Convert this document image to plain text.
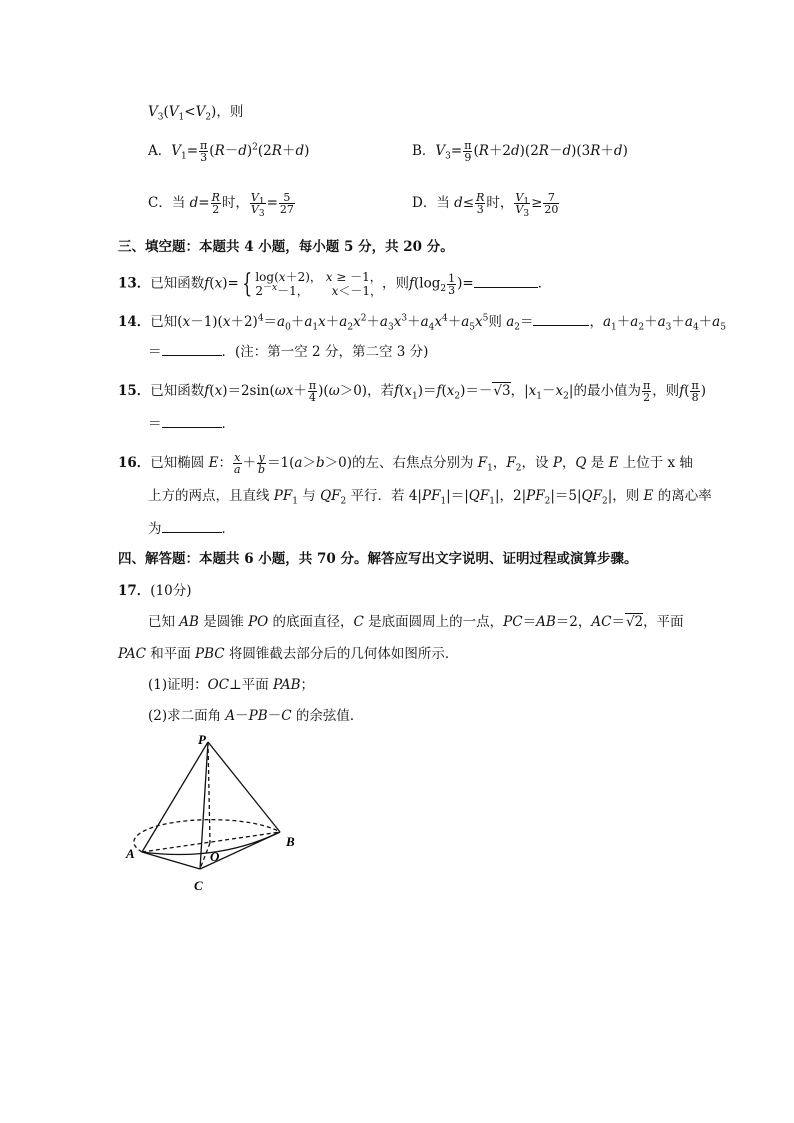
$V_3(V_1<V_2)$，则
A．$V_1= \frac{\pi}{3} (R-d)^2(2R+d)$	B．$V_3= \frac{\pi}{9} (R+2d)(2R-d)(3R+d)$
C．当 $d= \frac{R}{2}$ 时， $\frac{V_1}{V_3} = \frac{5}{27}$	D．当 $d\le \frac{R}{3}$ 时， $\frac{V_1}{V_3} \ge \frac{7}{20}$
三、填空题：本题共 4 小题，每小题 5 分，共 20 分。
13．已知函数f(x)= { log(x＋2)， x ≥ －1，
$2^{-x}-1$，      x＜－1，，则$f(\log_2 \frac{1}{3}$ )=	．
14．已知$(x-1)(x+2)^4=a_0+a_1x+a_2x^2+a_3x^3+a_4x^4+a_5x^5$则 $a_2=$	，$a_1+a_2+a_3+a_4+a_5$
＝	．(注：第一空 2 分，第二空 3 分)
15．已知函数$f(x)=2\sin(\omega x+ \frac{\pi}{4} )(\omega>0)$，若$f(x_1)=f(x_2)=-√3$，$|x_1-x_2|$的最小值为 $\frac{\pi}{2}$ ，则$f( \frac{\pi}{8}$ )
＝	．
16．已知椭圆 E： $\frac{x}{a} + \frac{y}{b} =1(a>b>0)$的左、右焦点分别为 $F_1$，$F_2$，设 P，Q 是 E 上位于 x 轴
上方的两点，且直线 $PF_1$ 与 $QF_2$ 平行．若 $4|PF_1|=|QF_1|$，$2|PF_2|=5|QF_2|$，则 E 的离心率
为	．
四、解答题：本题共 6 小题，共 70 分。解答应写出文字说明、证明过程或演算步骤。
17．(10分)
已知 AB 是圆锥 PO 的底面直径，C 是底面圆周上的一点，PC＝AB＝2，AC＝√2，平面
PAC 和平面 PBC 将圆锥截去部分后的几何体如图所示．
(1)证明：OC⊥平面 PAB；
(2)求二面角 A－PB－C 的余弦值．
P
A
B
O
C
